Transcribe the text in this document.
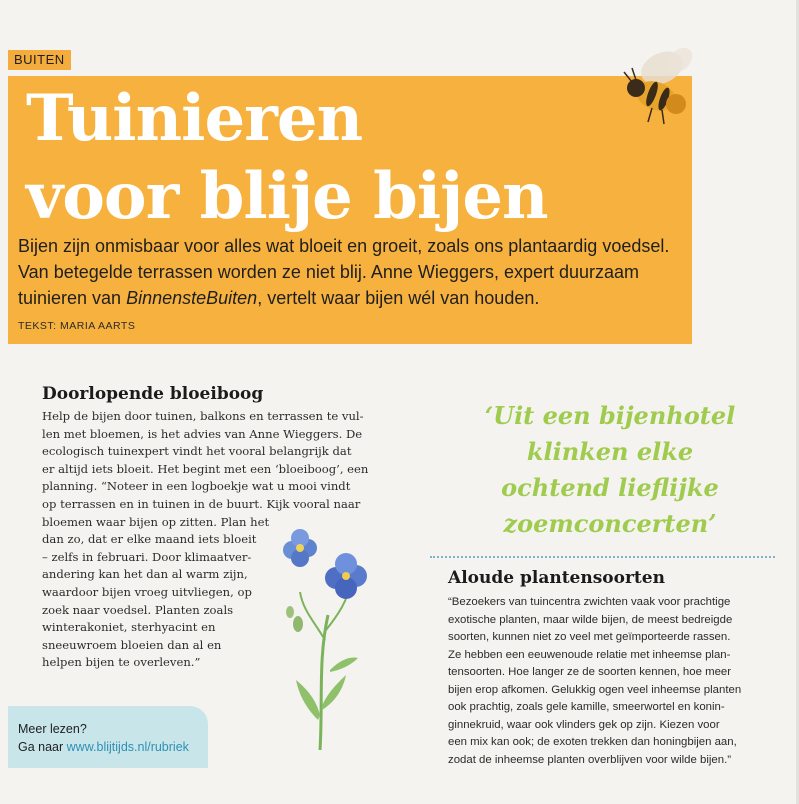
BUITEN
Tuinieren
voor blije bijen

Bijen zijn onmisbaar voor alles wat bloeit en groeit, zoals ons plantaardig voedsel. Van betegelde terrassen worden ze niet blij. Anne Wieggers, expert duurzaam tuinieren van BinnensteBuiten, vertelt waar bijen wél van houden.

TEKST: MARIA AARTS
Doorlopende bloeiboog
Help de bijen door tuinen, balkons en terrassen te vul-
len met bloemen, is het advies van Anne Wieggers. De
ecologisch tuinexpert vindt het vooral belangrijk dat
er altijd iets bloeit. Het begint met een ‘bloeiboog’, een
planning. “Noteer in een logboekje wat u mooi vindt
op terrassen en in tuinen in de buurt. Kijk vooral naar
bloemen waar bijen op zitten. Plan het
dan zo, dat er elke maand iets bloeit
– zelfs in februari. Door klimaatver-
andering kan het dan al warm zijn,
waardoor bijen vroeg uitvliegen, op
zoek naar voedsel. Planten zoals
winterakoniet, sterhyacint en
sneeuwroem bloeien dan al en
helpen bijen te overleven.”
‘Uit een bijenhotel
klinken elke
ochtend lieflijke
zoemconcerten’
Aloude plantensoorten
“Bezoekers van tuincentra zwichten vaak voor prachtige
exotische planten, maar wilde bijen, de meest bedreigde
soorten, kunnen niet zo veel met geïmporteerde rassen.
Ze hebben een eeuwenoude relatie met inheemse plan-
tensoorten. Hoe langer ze de soorten kennen, hoe meer
bijen erop afkomen. Gelukkig ogen veel inheemse planten
ook prachtig, zoals gele kamille, smeerwortel en konin-
ginnekruid, waar ook vlinders gek op zijn. Kiezen voor
een mix kan ook; de exoten trekken dan honingbijen aan,
zodat de inheemse planten overblijven voor wilde bijen.”
Meer lezen?
Ga naar www.blijtijds.nl/rubriek
